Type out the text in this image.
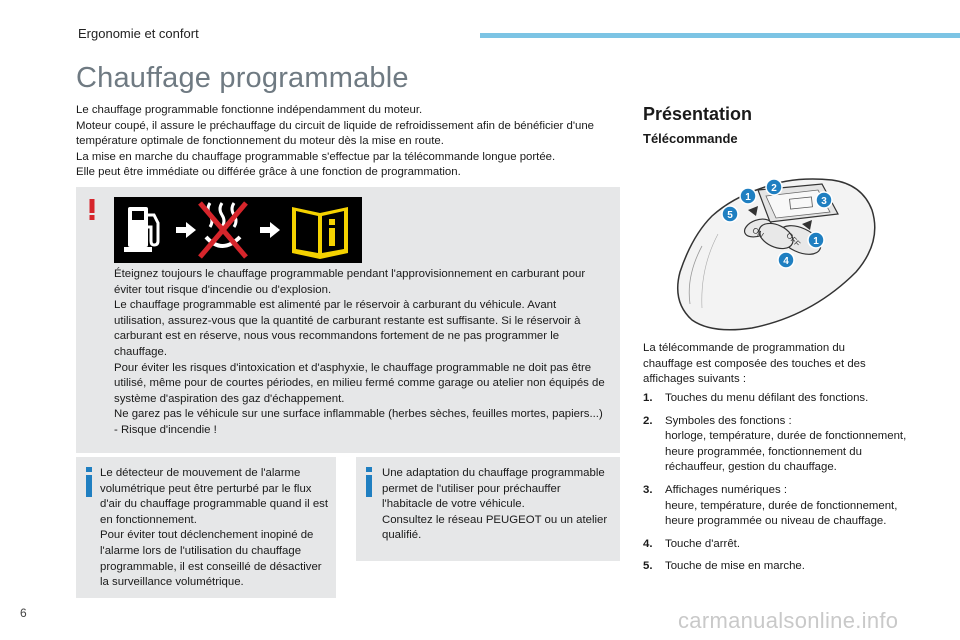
Ergonomie et confort
Chauffage programmable

Le chauffage programmable fonctionne indépendamment du moteur.

Moteur coupé, il assure le préchauffage du circuit de liquide de refroidissement afin de bénéficier d'une température optimale de fonctionnement du moteur dès la mise en route.

La mise en marche du chauffage programmable s'effectue par la télécommande longue portée.

Elle peut être immédiate ou différée grâce à une fonction de programmation.

Éteignez toujours le chauffage programmable pendant l'approvisionnement en carburant pour éviter tout risque d'incendie ou d'explosion.

Le chauffage programmable est alimenté par le réservoir à carburant du véhicule. Avant utilisation, assurez-vous que la quantité de carburant restante est suffisante. Si le réservoir à carburant est en réserve, nous vous recommandons fortement de ne pas programmer le chauffage.

Pour éviter les risques d'intoxication et d'asphyxie, le chauffage programmable ne doit pas être utilisé, même pour de courtes périodes, en milieu fermé comme garage ou atelier non équipés de système d'aspiration des gaz d'échappement.

Ne garez pas le véhicule sur une surface inflammable (herbes sèches, feuilles mortes, papiers...) - Risque d'incendie !

Le détecteur de mouvement de l'alarme volumétrique peut être perturbé par le flux d'air du chauffage programmable quand il est en fonctionnement.

Pour éviter tout déclenchement inopiné de l'alarme lors de l'utilisation du chauffage programmable, il est conseillé de désactiver la surveillance volumétrique.

Une adaptation du chauffage programmable permet de l'utiliser pour préchauffer l'habitacle de votre véhicule.

Consultez le réseau PEUGEOT ou un atelier qualifié.

Présentation
Télécommande
ON OFF
1
2
3
5
1
4
La télécommande de programmation du chauffage est composée des touches et des affichages suivants :
1.	Touches du menu défilant des fonctions.
2.	Symboles des fonctions :
horloge, température, durée de fonctionnement, heure programmée, fonctionnement du réchauffeur, gestion du chauffage.
3.	Affichages numériques :
heure, température, durée de fonctionnement, heure programmée ou niveau de chauffage.
4.	Touche d'arrêt.
5.	Touche de mise en marche.
6	carmanualsonline.info
